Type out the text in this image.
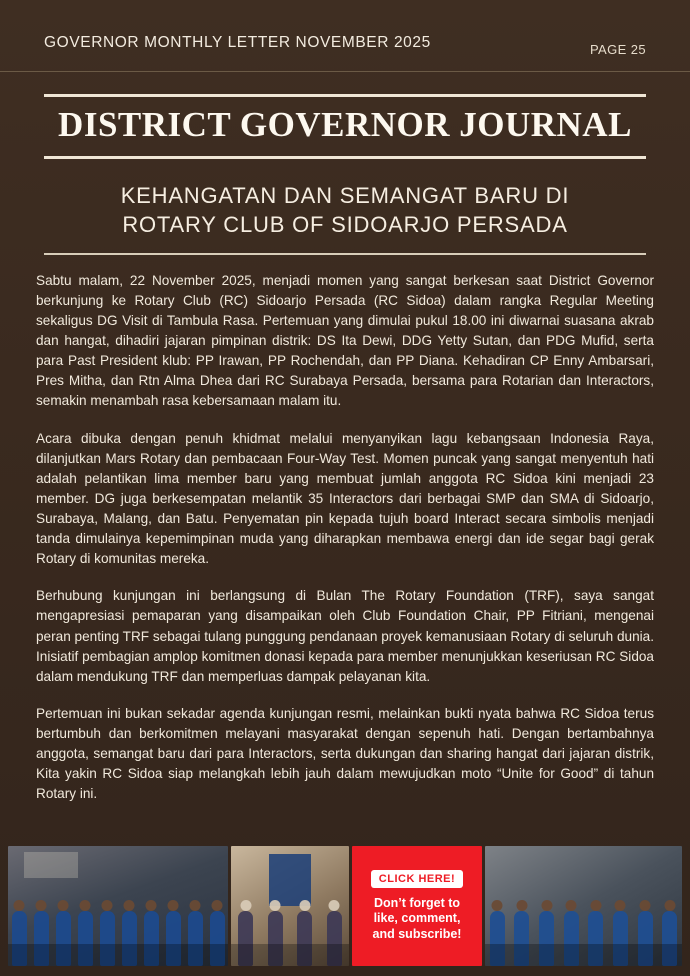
GOVERNOR MONTHLY LETTER NOVEMBER 2025	PAGE 25
DISTRICT GOVERNOR JOURNAL
KEHANGATAN DAN SEMANGAT BARU DI
ROTARY CLUB OF SIDOARJO PERSADA

Sabtu malam, 22 November 2025, menjadi momen yang sangat berkesan saat District Governor berkunjung ke Rotary Club (RC) Sidoarjo Persada (RC Sidoa) dalam rangka Regular Meeting sekaligus DG Visit di Tambula Rasa. Pertemuan yang dimulai pukul 18.00 ini diwarnai suasana akrab dan hangat, dihadiri jajaran pimpinan distrik: DS Ita Dewi, DDG Yetty Sutan, dan PDG Mufid, serta para Past President klub: PP Irawan, PP Rochendah, dan PP Diana. Kehadiran CP Enny Ambarsari, Pres Mitha, dan Rtn Alma Dhea dari RC Surabaya Persada, bersama para Rotarian dan Interactors, semakin menambah rasa kebersamaan malam itu.

Acara dibuka dengan penuh khidmat melalui menyanyikan lagu kebangsaan Indonesia Raya, dilanjutkan Mars Rotary dan pembacaan Four-Way Test. Momen puncak yang sangat menyentuh hati adalah pelantikan lima member baru yang membuat jumlah anggota RC Sidoa kini menjadi 23 member. DG juga berkesempatan melantik 35 Interactors dari berbagai SMP dan SMA di Sidoarjo, Surabaya, Malang, dan Batu. Penyematan pin kepada tujuh board Interact secara simbolis menjadi tanda dimulainya kepemimpinan muda yang diharapkan membawa energi dan ide segar bagi gerak Rotary di komunitas mereka.

Berhubung kunjungan ini berlangsung di Bulan The Rotary Foundation (TRF), saya sangat mengapresiasi pemaparan yang disampaikan oleh Club Foundation Chair, PP Fitriani, mengenai peran penting TRF sebagai tulang punggung pendanaan proyek kemanusiaan Rotary di seluruh dunia. Inisiatif pembagian amplop komitmen donasi kepada para member menunjukkan keseriusan RC Sidoa dalam mendukung TRF dan memperluas dampak pelayanan kita.

Pertemuan ini bukan sekadar agenda kunjungan resmi, melainkan bukti nyata bahwa RC Sidoa terus bertumbuh dan berkomitmen melayani masyarakat dengan sepenuh hati. Dengan bertambahnya anggota, semangat baru dari para Interactors, serta dukungan dan sharing hangat dari jajaran distrik, Kita yakin RC Sidoa siap melangkah lebih jauh dalam mewujudkan moto “Unite for Good” di tahun Rotary ini.

CLICK HERE!
Don’t forget to
like, comment,
and subscribe!
